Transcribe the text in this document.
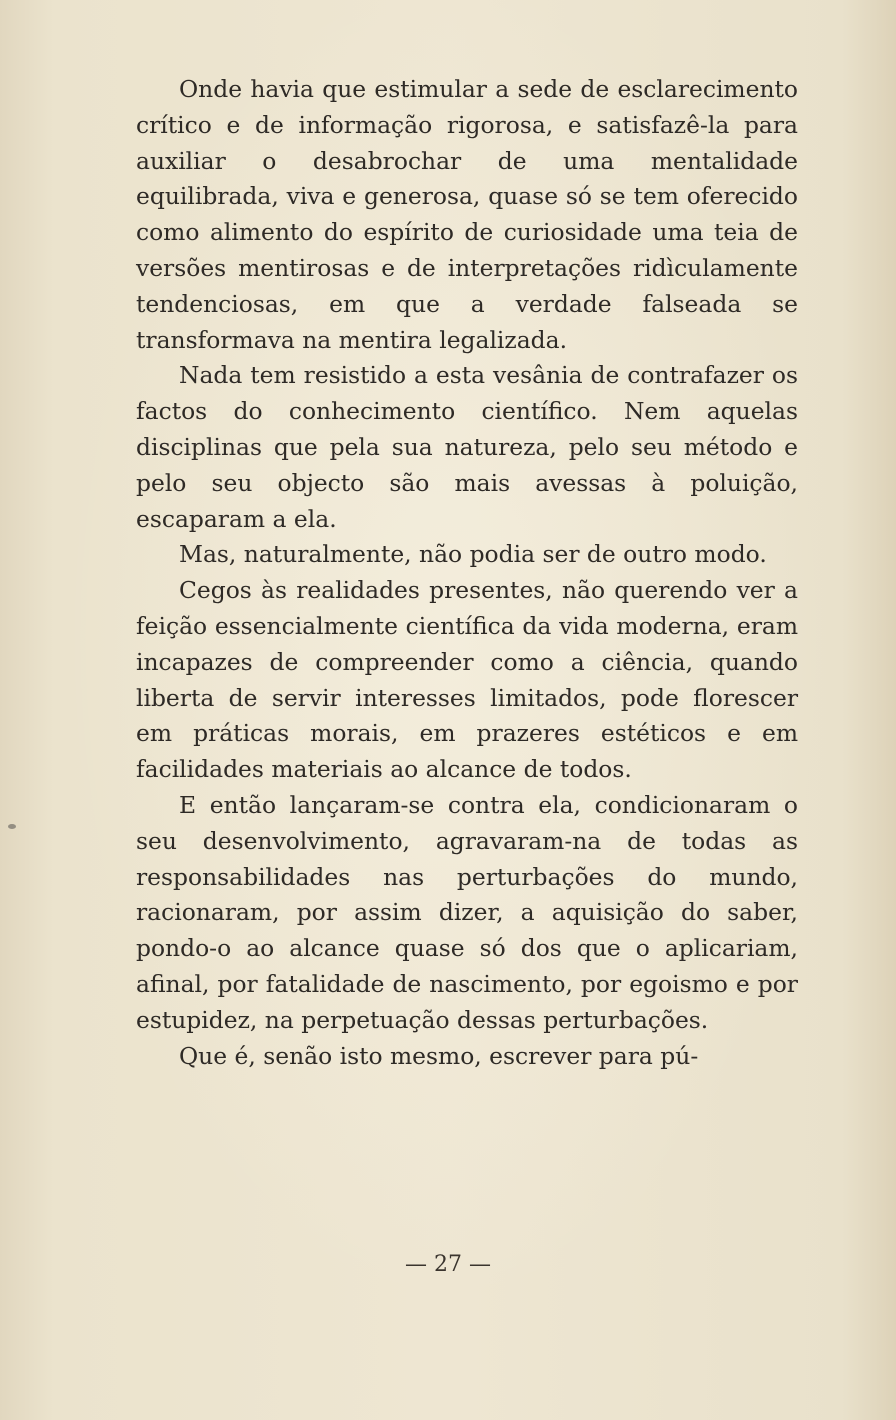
Onde havia que estimular a sede de esclarecimento crítico e de informação rigorosa, e satisfazê-la para auxiliar o desabrochar de uma mentalidade equilibrada, viva e generosa, quase só se tem oferecido como alimento do espírito de curiosidade uma teia de versões mentirosas e de interpretações ridìculamente tendenciosas, em que a verdade falseada se transformava na mentira legalizada.

Nada tem resistido a esta vesânia de contrafazer os factos do conhecimento científico. Nem aquelas disciplinas que pela sua natureza, pelo seu método e pelo seu objecto são mais avessas à poluição, escaparam a ela.

Mas, naturalmente, não podia ser de outro modo.

Cegos às realidades presentes, não querendo ver a feição essencialmente científica da vida moderna, eram incapazes de compreender como a ciência, quando liberta de servir interesses limitados, pode florescer em práticas morais, em prazeres estéticos e em facilidades materiais ao alcance de todos.

E então lançaram-se contra ela, condicionaram o seu desenvolvimento, agravaram-na de todas as responsabilidades nas perturbações do mundo, racionaram, por assim dizer, a aquisição do saber, pondo-o ao alcance quase só dos que o aplicariam, afinal, por fatalidade de nascimento, por egoismo e por estupidez, na perpetuação dessas perturbações.

Que é, senão isto mesmo, escrever para pú-

— 27 —
